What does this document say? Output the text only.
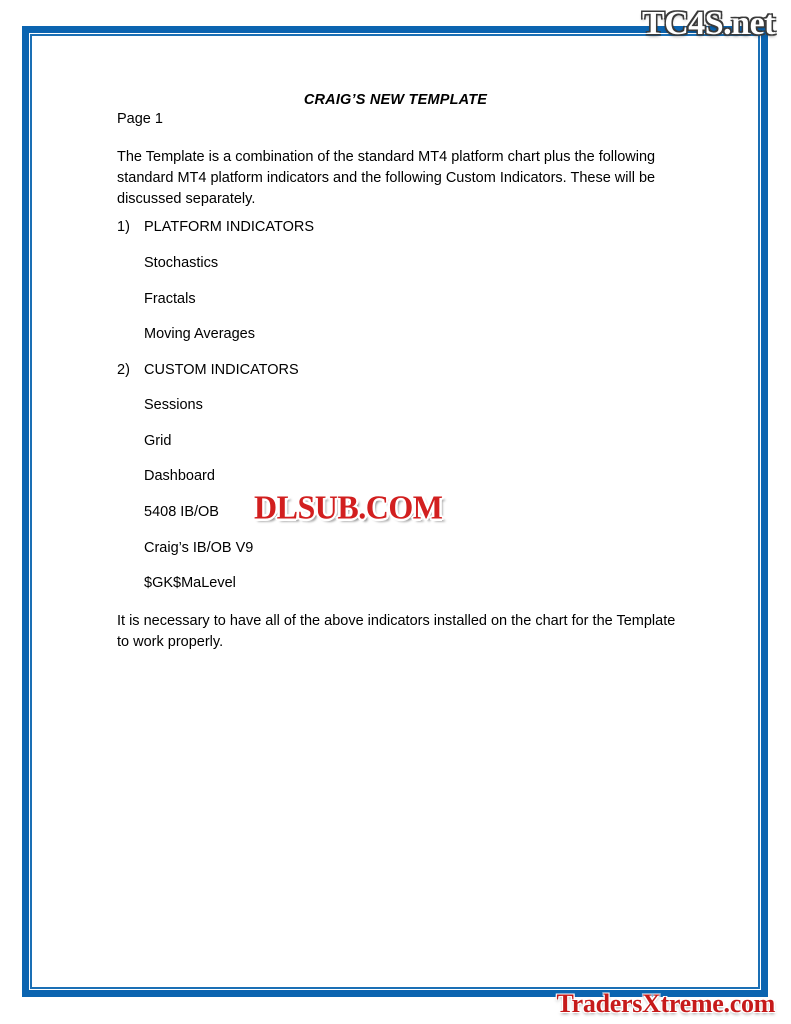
CRAIG’S NEW TEMPLATE
Page 1
The Template is a combination of the standard MT4 platform chart plus the following standard MT4 platform indicators and the following Custom Indicators. These will be discussed separately.
1) PLATFORM INDICATORS
Stochastics
Fractals
Moving Averages
2) CUSTOM INDICATORS
Sessions
Grid
Dashboard
5408 IB/OB
Craig’s IB/OB V9
$GK$MaLevel
It is necessary to have all of the above indicators installed on the chart for the Template to work properly.
TC4S.net
DLSUB.COM
TradersXtreme.com
